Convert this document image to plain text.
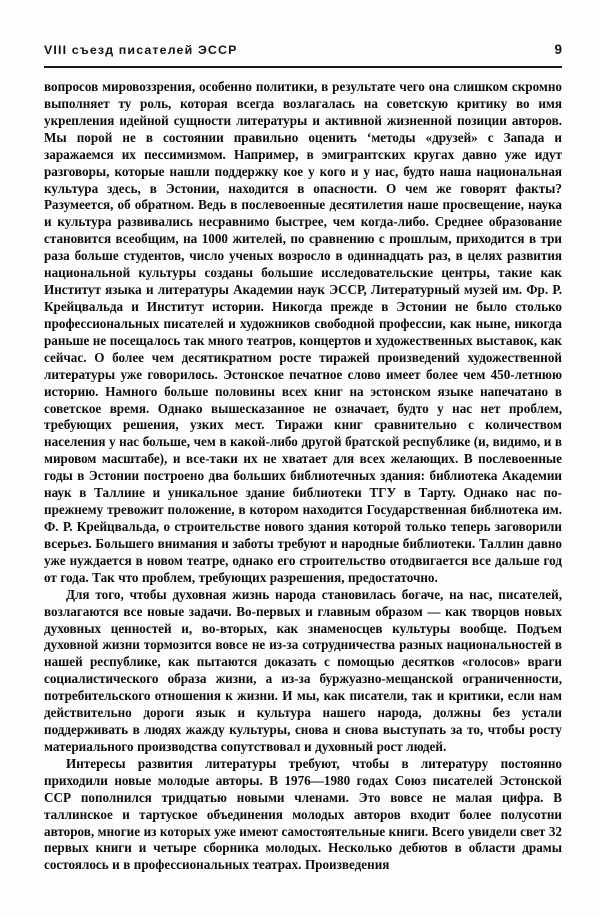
VIII съезд писателей ЭССР	9

вопросов мировоззрения, особенно политики, в результате чего она слишком скромно выполняет ту роль, которая всегда возлагалась на советскую критику во имя укрепления идейной сущности литературы и активной жизненной позиции авторов. Мы порой не в состоянии правильно оценить ‘методы «друзей» с Запада и заражаемся их пессимизмом. Например, в эмигрантских кругах давно уже идут разговоры, которые нашли поддержку кое у кого и у нас, будто наша национальная культура здесь, в Эстонии, находится в опасности. О чем же говорят факты? Разумеется, об обратном. Ведь в послевоенные десятилетия наше просвещение, наука и культура развивались несравнимо быстрее, чем когда-либо. Среднее образование становится всеобщим, на 1000 жителей, по сравнению с прошлым, приходится в три раза больше студентов, число ученых возросло в одиннадцать раз, в целях развития национальной культуры созданы большие исследовательские центры, такие как Институт языка и литературы Академии наук ЭССР, Литературный музей им. Фр. Р. Крейцвальда и Институт истории. Никогда прежде в Эстонии не было столько профессиональных писателей и художников свободной профессии, как ныне, никогда раньше не посещалось так много театров, концертов и художественных выставок, как сейчас. О более чем десятикратном росте тиражей произведений художественной литературы уже говорилось. Эстонское печатное слово имеет более чем 450-летнюю историю. Намного больше половины всех книг на эстонском языке напечатано в советское время. Однако вышесказанное не означает, будто у нас нет проблем, требующих решения, узких мест. Тиражи книг сравнительно с количеством населения у нас больше, чем в какой-либо другой братской республике (и, видимо, и в мировом масштабе), и все-таки их не хватает для всех желающих. В послевоенные годы в Эстонии построено два больших библиотечных здания: библиотека Академии наук в Таллине и уникальное здание библиотеки ТГУ в Тарту. Однако нас по-прежнему тревожит положение, в котором находится Государственная библиотека им. Ф. Р. Крейцвальда, о строительстве нового здания которой только теперь заговорили всерьез. Большего внимания и заботы требуют и народные библиотеки. Таллин давно уже нуждается в новом театре, однако его строительство отодвигается все дальше год от года. Так что проблем, требующих разрешения, предостаточно.

Для того, чтобы духовная жизнь народа становилась богаче, на нас, писателей, возлагаются все новые задачи. Во-первых и главным образом — как творцов новых духовных ценностей и, во-вторых, как знаменосцев культуры вообще. Подъем духовной жизни тормозится вовсе не из-за сотрудничества разных национальностей в нашей республике, как пытаются доказать с помощью десятков «голосов» враги социалистического образа жизни, а из-за буржуазно-мещанской ограниченности, потребительского отношения к жизни. И мы, как писатели, так и критики, если нам действительно дороги язык и культура нашего народа, должны без устали поддерживать в людях жажду культуры, снова и снова выступать за то, чтобы росту материального производства сопутствовал и духовный рост людей.

Интересы развития литературы требуют, чтобы в литературу постоянно приходили новые молодые авторы. В 1976—1980 годах Союз писателей Эстонской ССР пополнился тридцатью новыми членами. Это вовсе не малая цифра. В таллинское и тартуское объединения молодых авторов входит более полусотни авторов, многие из которых уже имеют самостоятельные книги. Всего увидели свет 32 первых книги и четыре сборника молодых. Несколько дебютов в области драмы состоялось и в профессиональных театрах. Произведения
